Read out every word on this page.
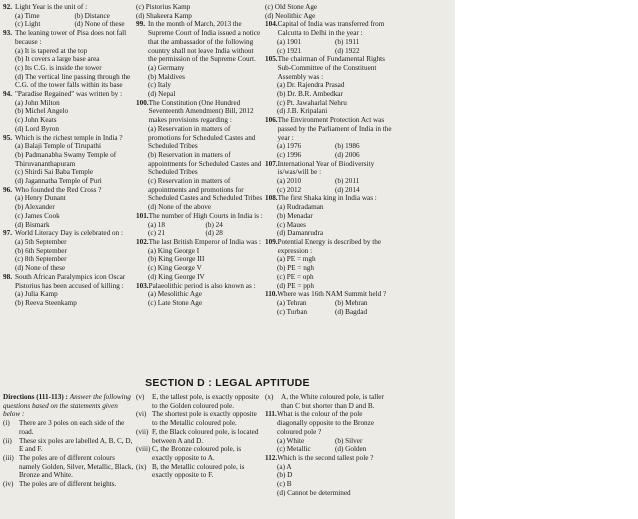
92. Light Year is the unit of :
(a) Time	(b) Distance
(c) Light	(d) None of these
93. The leaning tower of Pisa does not fall because :
(a) It is tapered at the top
(b) It covers a large base area
(c) Its C.G. is inside the tower
(d) The vertical line passing through the C.G. of the tower falls within its base
94. "Paradise Regained" was written by :
(a) John Milton
(b) Michel Angelo
(c) John Keats
(d) Lord Byron
95. Which is the richest temple in India ?
(a) Balaji Temple of Tirupathi
(b) Padmanabha Swamy Temple of Thiruvananthapuram
(c) Shirdi Sai Baba Temple
(d) Jagannatha Temple of Puri
96. Who founded the Red Cross ?
(a) Henry Dunant
(b) Alexander
(c) James Cook
(d) Bismark
97. World Literacy Day is celebrated on :
(a) 5th September
(b) 6th September
(c) 8th September
(d) None of these
98. South African Paralympics icon Oscar Pistorius has been accused of killing :
(a) Julia Kamp
(b) Reeva Steenkamp
(c) Pistorius Kamp
(d) Shakeera Kamp
99. In the month of March, 2013 the Supreme Court of India issued a notice that the ambassador of the following country shall not leave India without the permission of the Supreme Court.
(a) Germany
(b) Maldives
(c) Italy
(d) Nepal
100. The Constitution (One Hundred Seventeenth Amendment) Bill, 2012 makes provisions regarding :
(a) Reservation in matters of promotions for Scheduled Castes and Scheduled Tribes
(b) Reservation in matters of appointments for Scheduled Castes and Scheduled Tribes
(c) Reservation in matters of appointments and promotions for Scheduled Castes and Scheduled Tribes
(d) None of the above
101. The number of High Courts in India is :
(a) 18	(b) 24
(c) 21	(d) 28
102. The last British Emperor of India was :
(a) King George I
(b) King George III
(c) King George V
(d) King George IV
103. Palaeolithic period is also known as :
(a) Mesolithic Age
(c) Late Stone Age
(c) Old Stone Age
(d) Neolithic Age
104. Capital of India was transferred from Calcutta to Delhi in the year :
(a) 1901	(b) 1911
(c) 1921	(d) 1922
105. The chairman of Fundamental Rights Sub-Committee of the Constituent Assembly was :
(a) Dr. Rajendra Prasad
(b) Dr. B.R. Ambedkar
(c) Pt. Jawaharlal Nehru
(d) J.B. Kripalani
106. The Environment Protection Act was passed by the Parliament of India in the year :
(a) 1976	(b) 1986
(c) 1996	(d) 2006
107. International Year of Biodiversity is/was/will be :
(a) 2010	(b) 2011
(c) 2012	(d) 2014
108. The first Shaka king in India was :
(a) Rudradaman
(b) Menadar
(c) Maues
(d) Damanrudra
109. Potential Energy is described by the expression :
(a) PE = mgh
(b) PE = ngh
(c) PE = oph
(d) PE = pph
110. Where was 16th NAM Summit held ?
(a) Tehran	(b) Mehran
(c) Turban	(d) Bagdad
SECTION D : LEGAL APTITUDE
Directions (111-113) : Answer the following questions based on the statements given below :
(i)	There are 3 poles on each side of the road.
(ii)	These six poles are labelled A, B, C, D, E and F.
(iii) The poles are of different colours namely Golden, Silver, Metallic, Black, Bronze and White.
(iv) The poles are of different heights.
(v)	E, the tallest pole, is exactly opposite to the Golden coloured pole.
(vi) The shortest pole is exactly opposite to the Metallic coloured pole.
(vii) F, the Black coloured pole, is located between A and D.
(viii) C, the Bronze coloured pole, is exactly opposite to A.
(ix) B, the Metallic coloured pole, is exactly opposite to F.
(x)	A, the White coloured pole, is taller than C but shorter than D and B.
111. What is the colour of the pole diagonally opposite to the Bronze coloured pole ?
(a) White	(b) Silver
(c) Metallic	(d) Golden
112. Which is the second tallest pole ?
(a) A
(b) D
(c) B
(d) Cannot be determined
